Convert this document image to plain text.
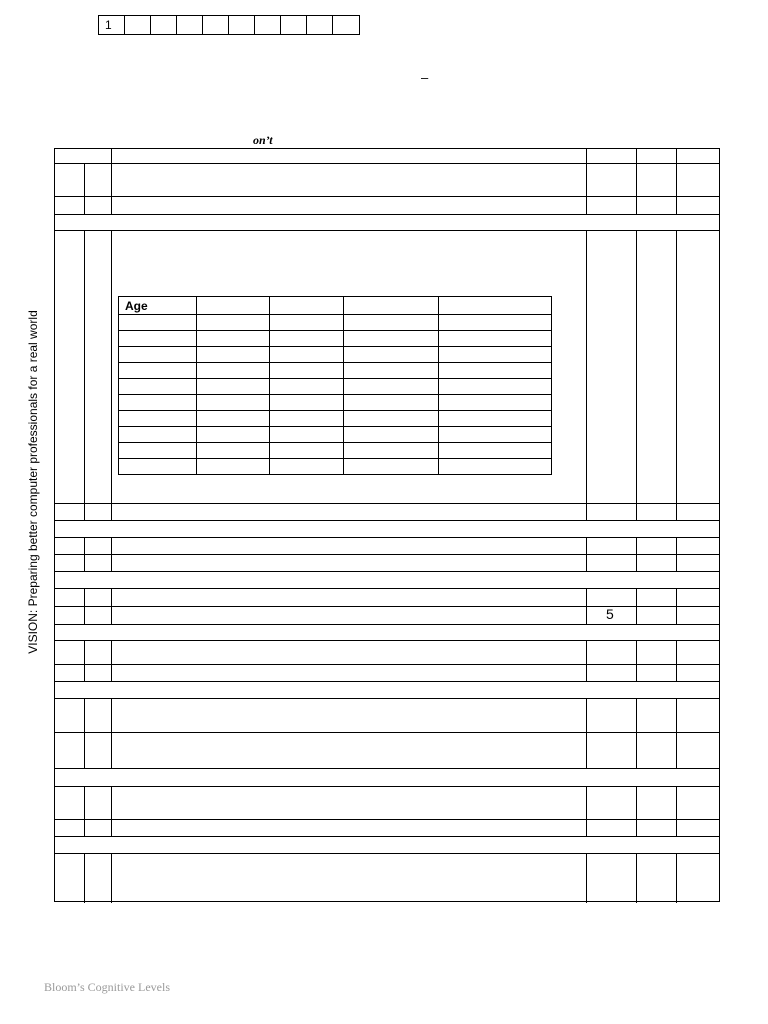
1
–
on’t
VISION: Preparing better computer professionals for a real world
Age				

5
Bloom’s Cognitive Levels
